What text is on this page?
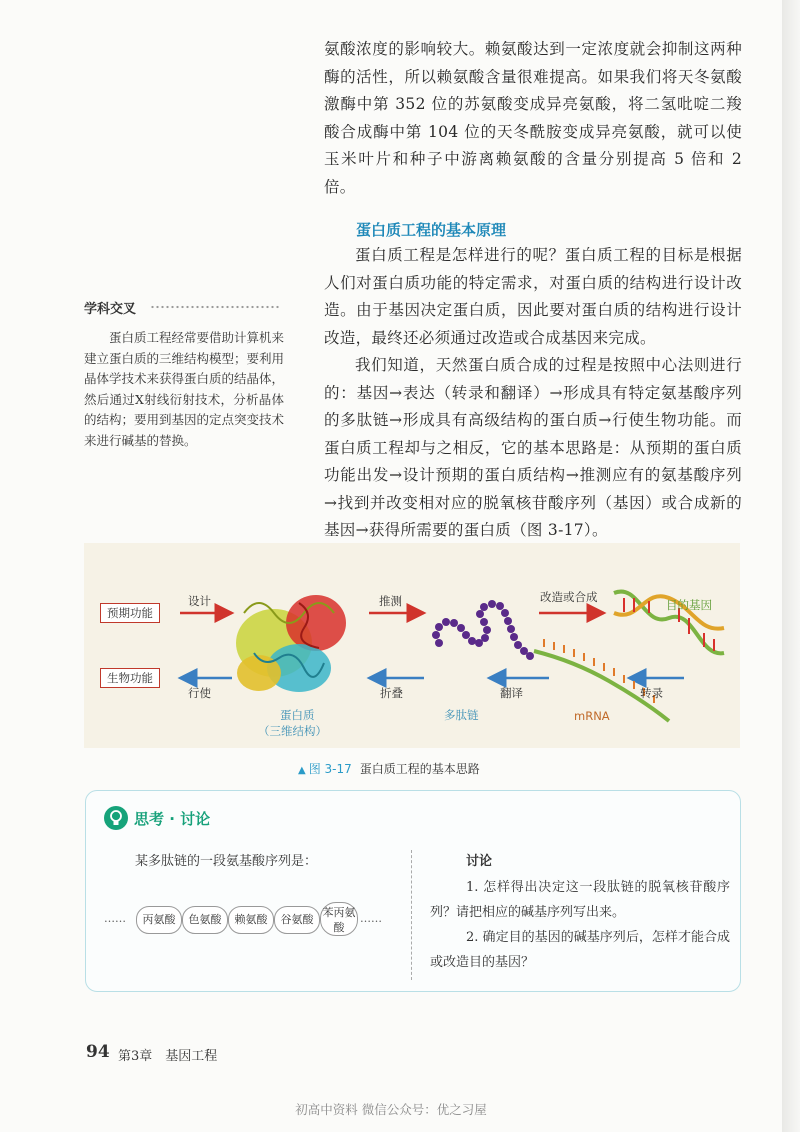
氨酸浓度的影响较大。赖氨酸达到一定浓度就会抑制这两种酶的活性，所以赖氨酸含量很难提高。如果我们将天冬氨酸激酶中第 352 位的苏氨酸变成异亮氨酸，将二氢吡啶二羧酸合成酶中第 104 位的天冬酰胺变成异亮氨酸，就可以使玉米叶片和种子中游离赖氨酸的含量分别提高 5 倍和 2 倍。

蛋白质工程的基本原理

蛋白质工程是怎样进行的呢？蛋白质工程的目标是根据人们对蛋白质功能的特定需求，对蛋白质的结构进行设计改造。由于基因决定蛋白质，因此要对蛋白质的结构进行设计改造，最终还必须通过改造或合成基因来完成。

我们知道，天然蛋白质合成的过程是按照中心法则进行的：基因→表达（转录和翻译）→形成具有特定氨基酸序列的多肽链→形成具有高级结构的蛋白质→行使生物功能。而蛋白质工程却与之相反，它的基本思路是：从预期的蛋白质功能出发→设计预期的蛋白质结构→推测应有的氨基酸序列→找到并改变相对应的脱氧核苷酸序列（基因）或合成新的基因→获得所需要的蛋白质（图 3-17）。

学科交叉
蛋白质工程经常要借助计算机来建立蛋白质的三维结构模型；要利用晶体学技术来获得蛋白质的结晶体，然后通过X射线衍射技术，分析晶体的结构；要用到基因的定点突变技术来进行碱基的替换。
预期功能
生物功能
设计
行使
推测
折叠
改造或合成
目的基因
翻译	转录
蛋白质
（三维结构）
多肽链	mRNA
▲ 图 3-17 蛋白质工程的基本思路
思考 · 讨论
某多肽链的一段氨基酸序列是：
……	丙氨酸	色氨酸	赖氨酸	谷氨酸
苯丙氨酸
……
讨论
1. 怎样得出决定这一段肽链的脱氧核苷酸序列？请把相应的碱基序列写出来。
2. 确定目的基因的碱基序列后，怎样才能合成或改造目的基因？
94 第3章　基因工程
初高中资料 微信公众号：优之习屋
